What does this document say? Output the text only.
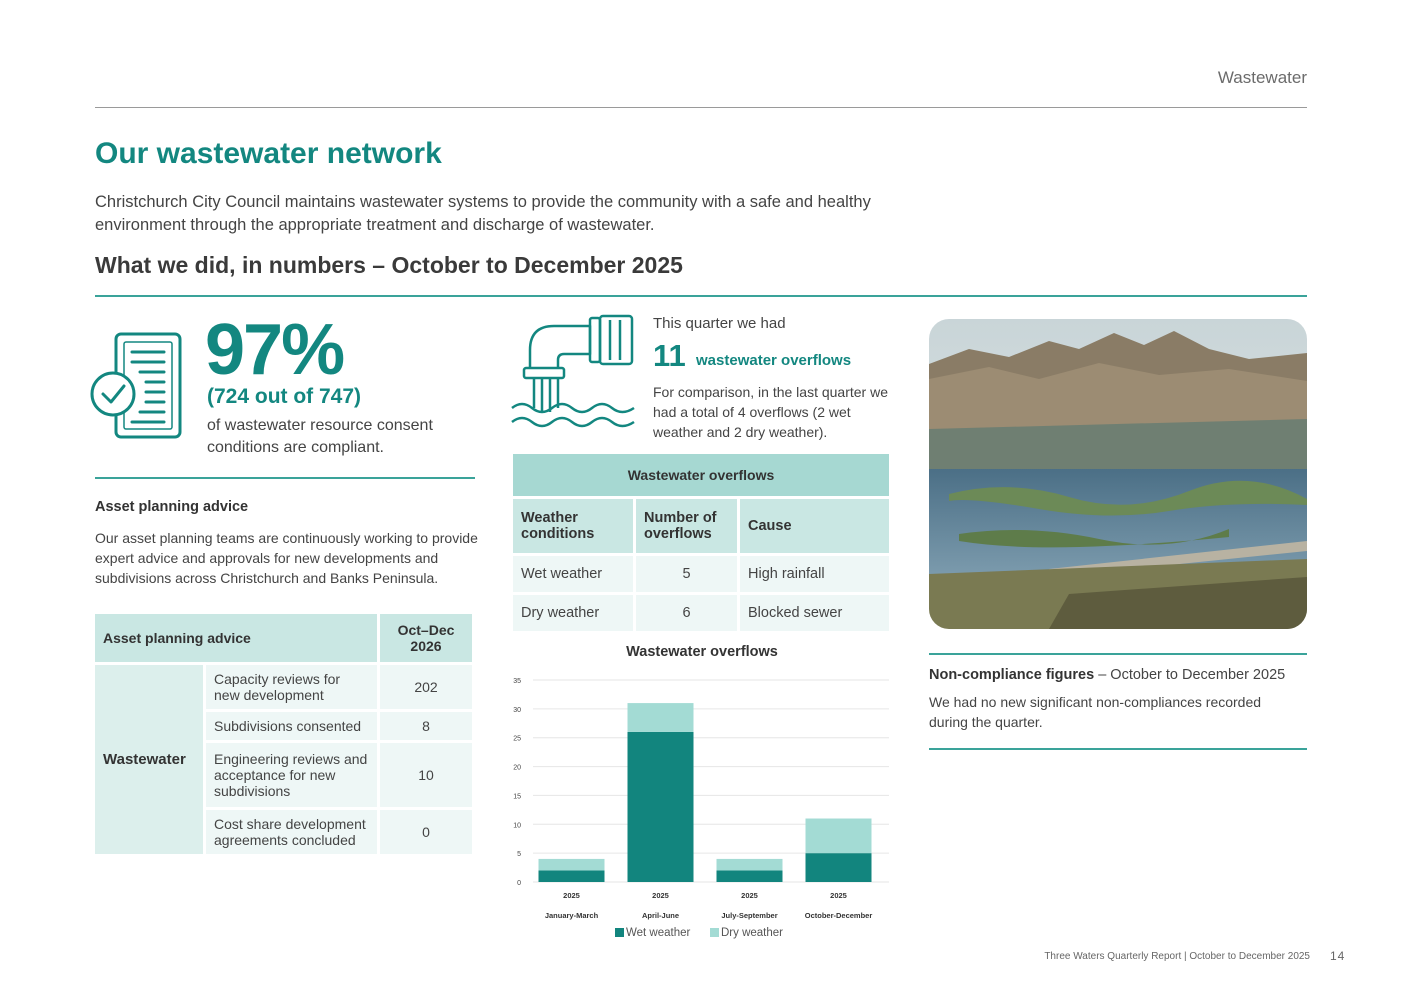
Wastewater
Our wastewater network
Christchurch City Council maintains wastewater systems to provide the community with a safe and healthy environment through the appropriate treatment and discharge of wastewater.
What we did, in numbers – October to December 2025
97%
(724 out of 747)
of wastewater resource consent conditions are compliant.
Asset planning advice
Our asset planning teams are continuously working to provide expert advice and approvals for new developments and subdivisions across Christchurch and Banks Peninsula.
Asset planning advice		Oct–Dec 2026
Wastewater	Capacity reviews for new development	202
	Subdivisions consented	8
	Engineering reviews and acceptance for new subdivisions	10
	Cost share development agreements concluded	0
This quarter we had
11 wastewater overflows
For comparison, in the last quarter we had a total of 4 overflows (2 wet weather and 2 dry weather).
Wastewater overflows		
Weather conditions	Number of overflows	Cause
Wet weather	5	High rainfall
Dry weather	6	Blocked sewer
Wastewater overflows
0
5
10
15
20
25
30
35
2025
January-March
2025
April-June
2025
July-September
2025
October-December
Wet weather	Dry weather
Non-compliance figures – October to December 2025
We had no new significant non-compliances recorded during the quarter.
Three Waters Quarterly Report | October to December 2025 14
